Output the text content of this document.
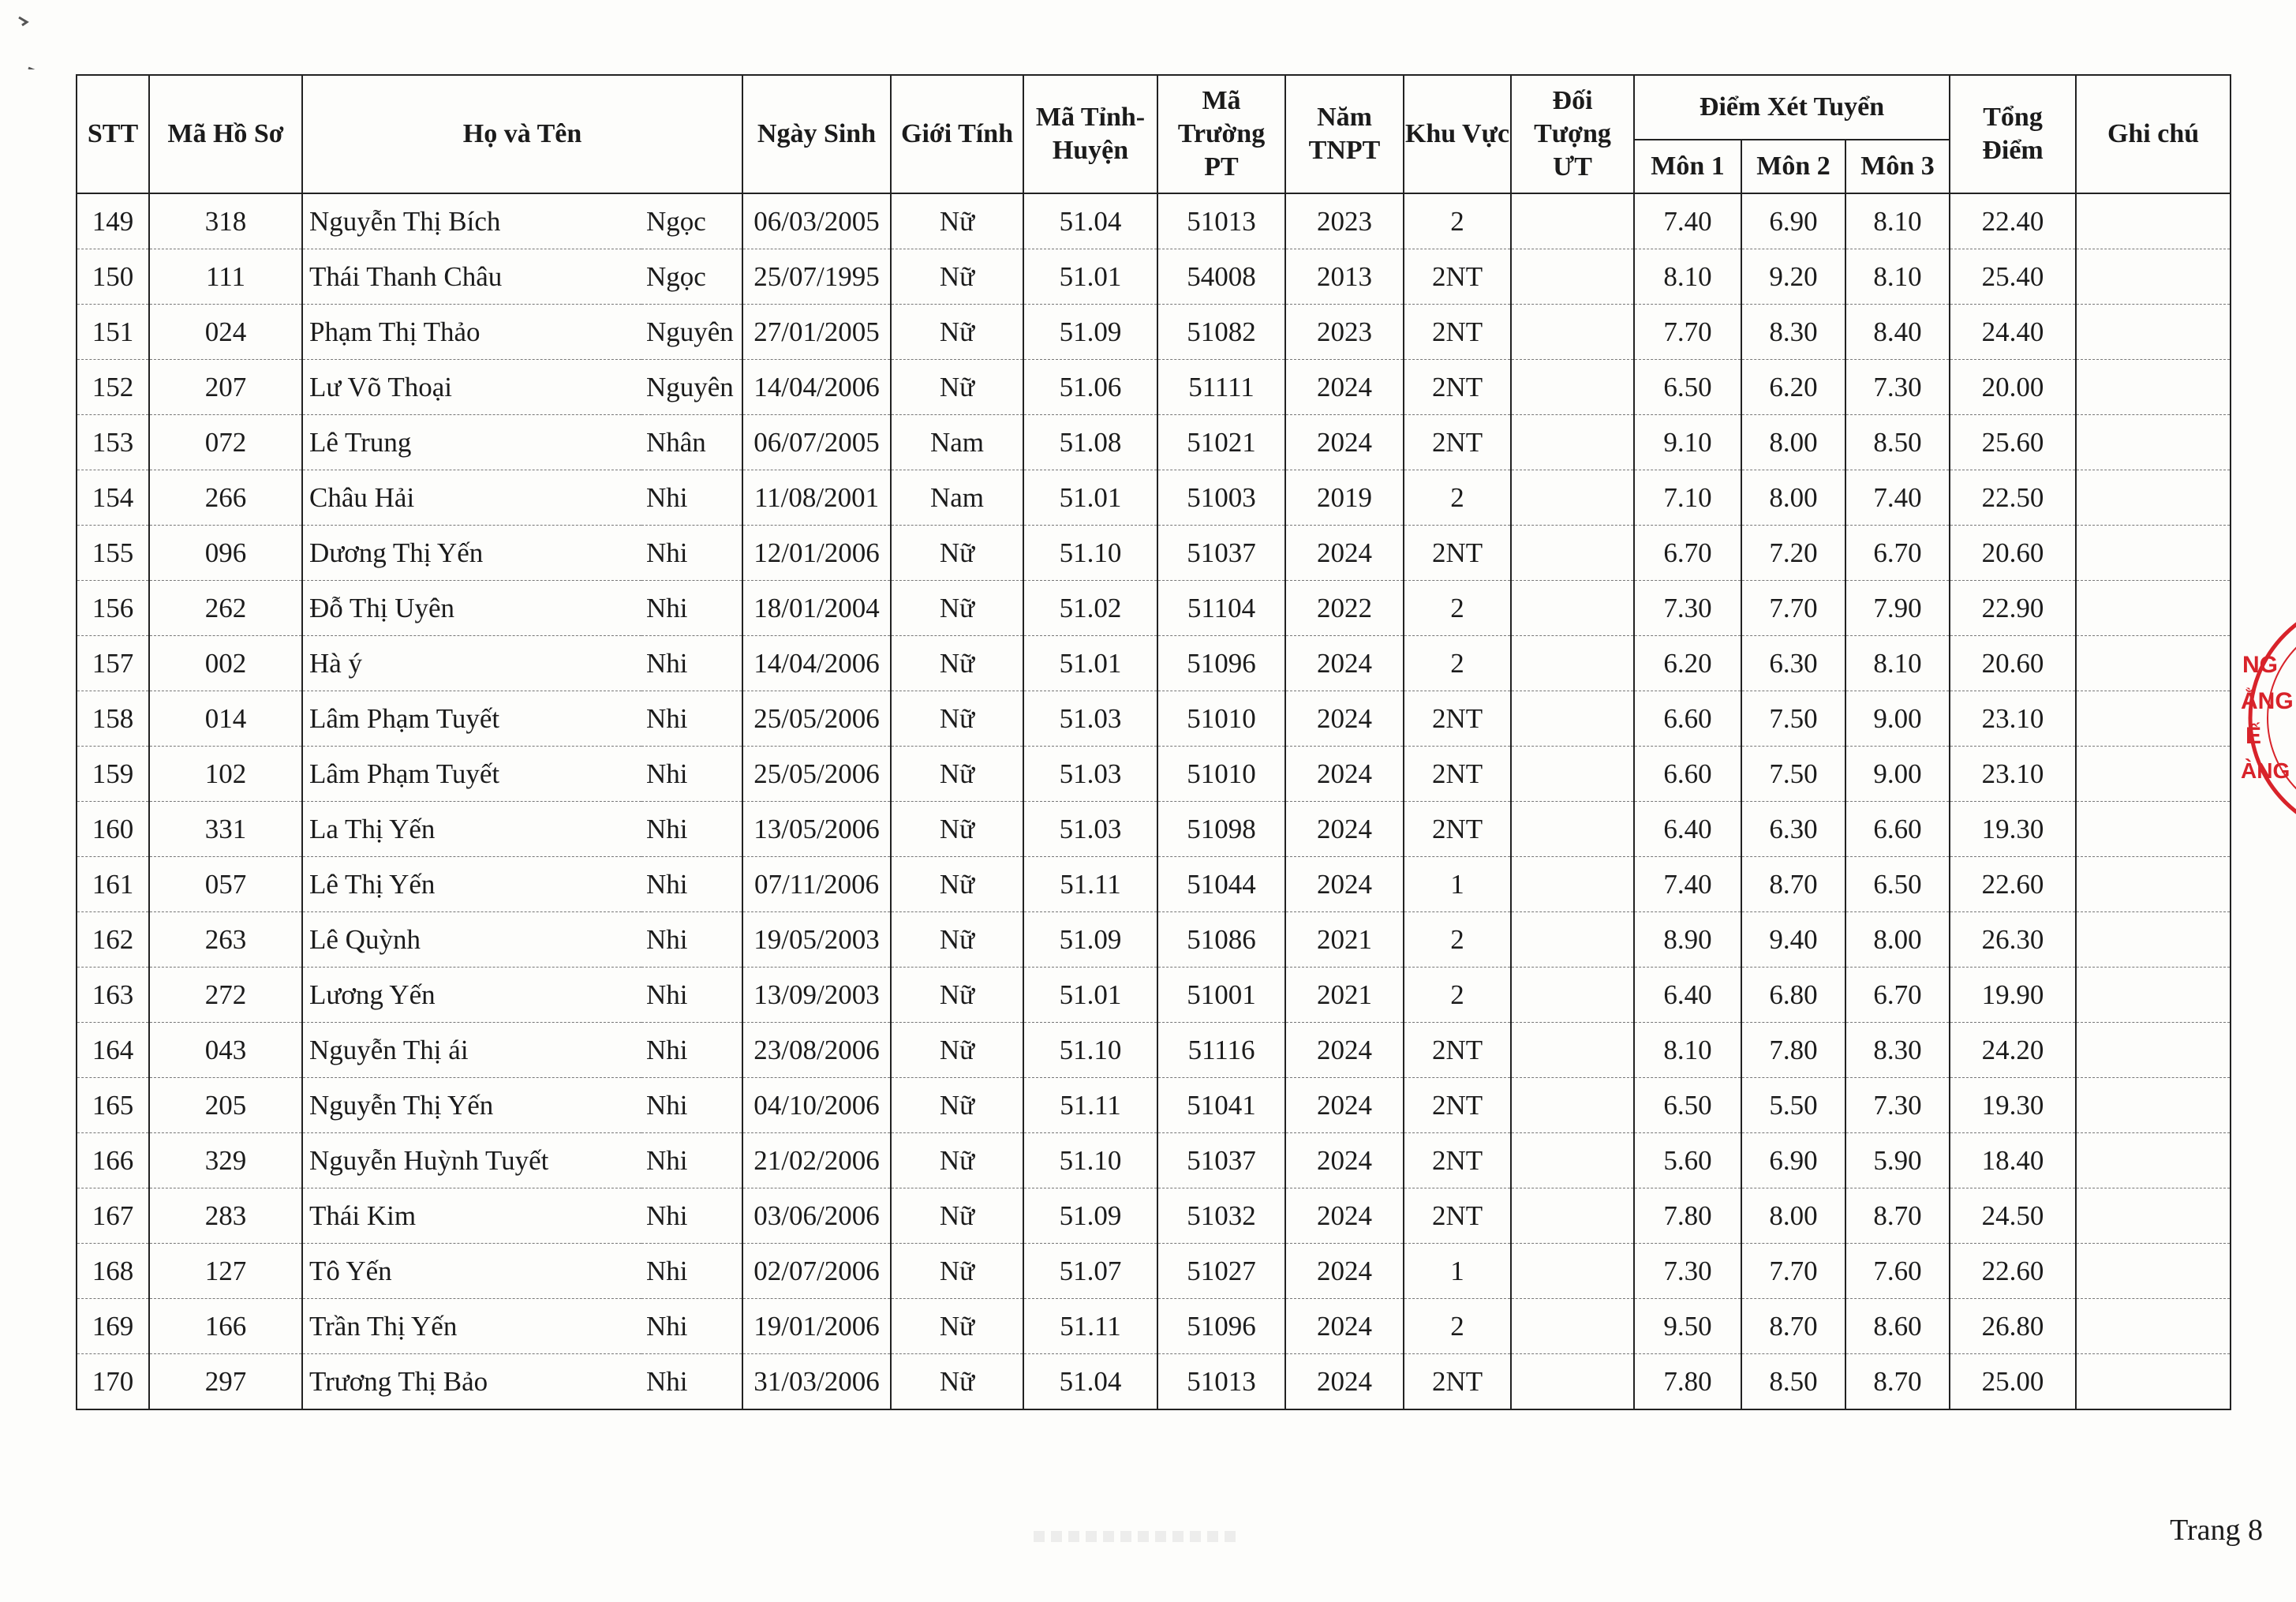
STT	Mã Hồ Sơ	Họ và Tên		Ngày Sinh	Giới Tính	Mã Tỉnh-Huyện	Mã Trường PT	Năm TNPT	Khu Vực	Đối Tượng ƯT	Điểm Xét Tuyển			Tổng Điểm	Ghi chú
											Môn 1	Môn 2	Môn 3		
149	318	Nguyễn Thị Bích	Ngọc	06/03/2005	Nữ	51.04	51013	2023	2		7.40	6.90	8.10	22.40	
150	111	Thái Thanh Châu	Ngọc	25/07/1995	Nữ	51.01	54008	2013	2NT		8.10	9.20	8.10	25.40	
151	024	Phạm Thị Thảo	Nguyên	27/01/2005	Nữ	51.09	51082	2023	2NT		7.70	8.30	8.40	24.40	
152	207	Lư Võ Thoại	Nguyên	14/04/2006	Nữ	51.06	51111	2024	2NT		6.50	6.20	7.30	20.00	
153	072	Lê Trung	Nhân	06/07/2005	Nam	51.08	51021	2024	2NT		9.10	8.00	8.50	25.60	
154	266	Châu Hải	Nhi	11/08/2001	Nam	51.01	51003	2019	2		7.10	8.00	7.40	22.50	
155	096	Dương Thị Yến	Nhi	12/01/2006	Nữ	51.10	51037	2024	2NT		6.70	7.20	6.70	20.60	
156	262	Đỗ Thị Uyên	Nhi	18/01/2004	Nữ	51.02	51104	2022	2		7.30	7.70	7.90	22.90	
157	002	Hà ý	Nhi	14/04/2006	Nữ	51.01	51096	2024	2		6.20	6.30	8.10	20.60	
158	014	Lâm Phạm Tuyết	Nhi	25/05/2006	Nữ	51.03	51010	2024	2NT		6.60	7.50	9.00	23.10	
159	102	Lâm Phạm Tuyết	Nhi	25/05/2006	Nữ	51.03	51010	2024	2NT		6.60	7.50	9.00	23.10	
160	331	La Thị Yến	Nhi	13/05/2006	Nữ	51.03	51098	2024	2NT		6.40	6.30	6.60	19.30	
161	057	Lê Thị Yến	Nhi	07/11/2006	Nữ	51.11	51044	2024	1		7.40	8.70	6.50	22.60	
162	263	Lê Quỳnh	Nhi	19/05/2003	Nữ	51.09	51086	2021	2		8.90	9.40	8.00	26.30	
163	272	Lương Yến	Nhi	13/09/2003	Nữ	51.01	51001	2021	2		6.40	6.80	6.70	19.90	
164	043	Nguyễn Thị ái	Nhi	23/08/2006	Nữ	51.10	51116	2024	2NT		8.10	7.80	8.30	24.20	
165	205	Nguyễn Thị Yến	Nhi	04/10/2006	Nữ	51.11	51041	2024	2NT		6.50	5.50	7.30	19.30	
166	329	Nguyễn Huỳnh Tuyết	Nhi	21/02/2006	Nữ	51.10	51037	2024	2NT		5.60	6.90	5.90	18.40	
167	283	Thái Kim	Nhi	03/06/2006	Nữ	51.09	51032	2024	2NT		7.80	8.00	8.70	24.50	
168	127	Tô Yến	Nhi	02/07/2006	Nữ	51.07	51027	2024	1		7.30	7.70	7.60	22.60	
169	166	Trần Thị Yến	Nhi	19/01/2006	Nữ	51.11	51096	2024	2		9.50	8.70	8.60	26.80	
170	297	Trương Thị Bảo	Nhi	31/03/2006	Nữ	51.04	51013	2024	2NT		7.80	8.50	8.70	25.00	
NG
ẰNG
Ế
ÀNG
Trang 8
